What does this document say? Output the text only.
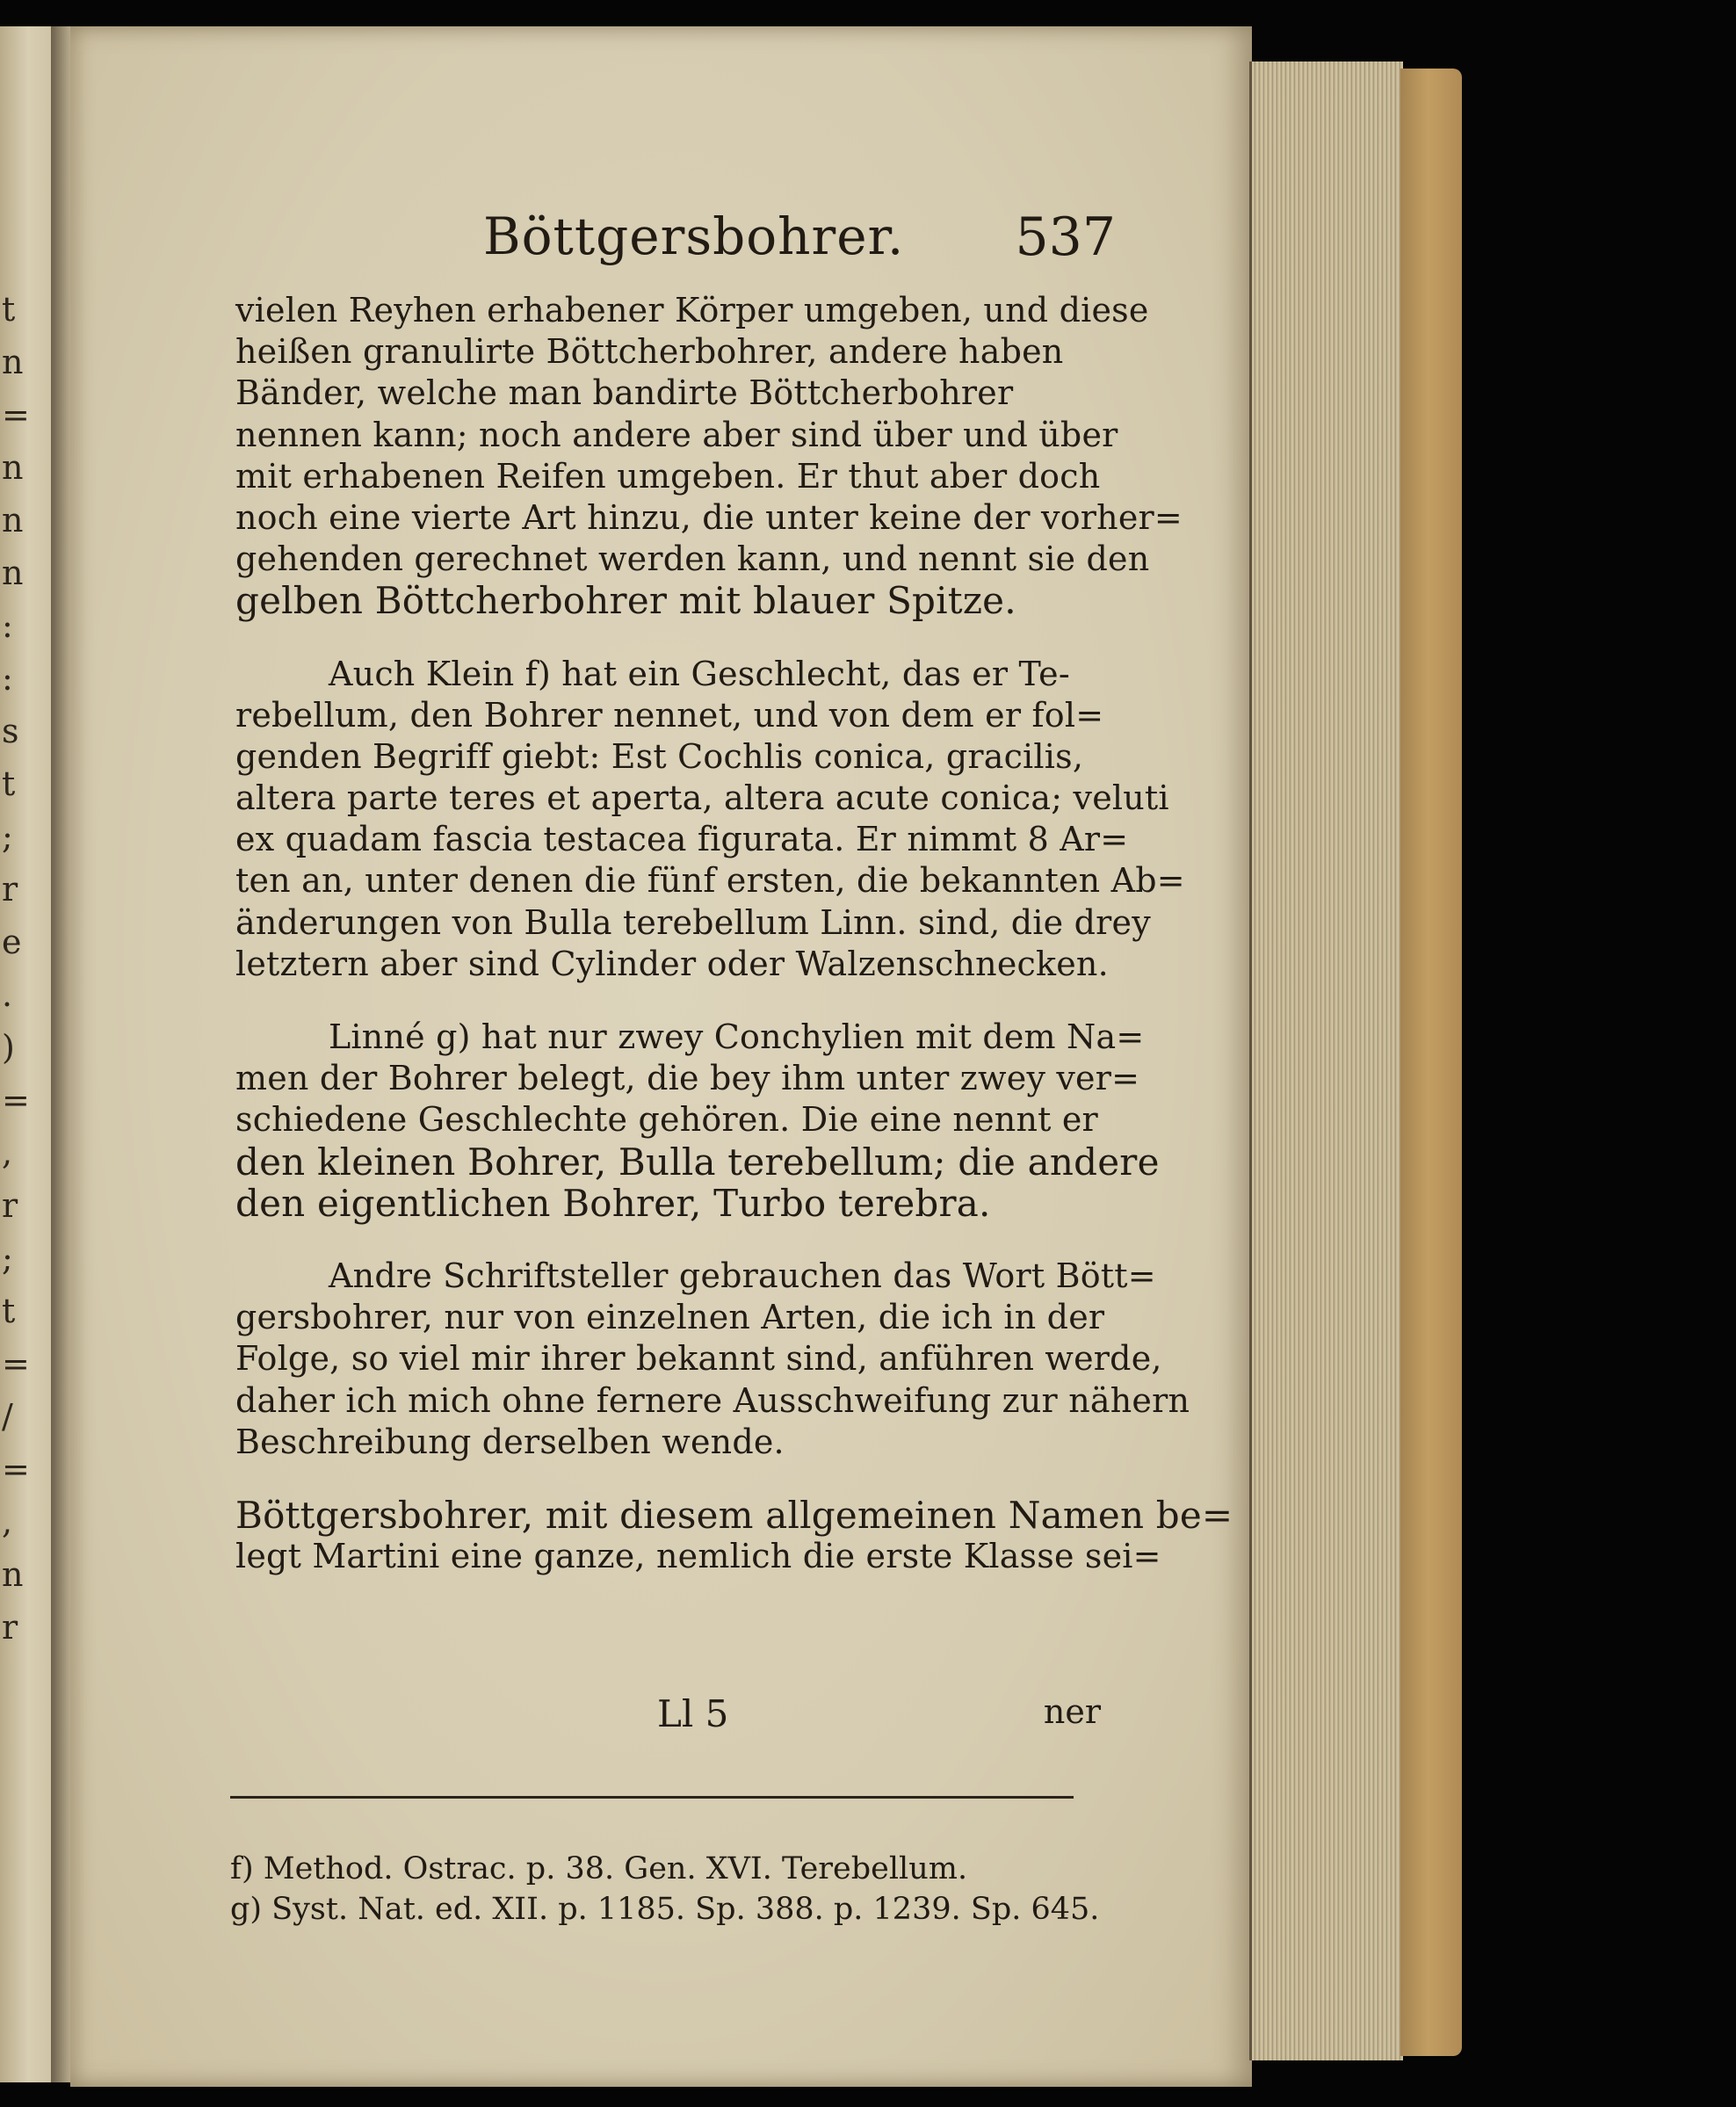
t
n
=
n
n
n
:
:
s
t
;
r
e
.
)
=
,
r
;
t
=
/
=
,
n
r
Böttgersbohrer. 537
vielen Reyhen erhabener Körper umgeben, und diese
heißen granulirte Böttcherbohrer, andere haben
Bänder, welche man bandirte Böttcherbohrer
nennen kann; noch andere aber sind über und über
mit erhabenen Reifen umgeben. Er thut aber doch
noch eine vierte Art hinzu, die unter keine der vorher=
gehenden gerechnet werden kann, und nennt sie den
gelben Böttcherbohrer mit blauer Spitze.
Auch Klein f) hat ein Geschlecht, das er Te-
rebellum, den Bohrer nennet, und von dem er fol=
genden Begriff giebt: Est Cochlis conica, gracilis,
altera parte teres et aperta, altera acute conica; veluti
ex quadam fascia testacea figurata. Er nimmt 8 Ar=
ten an, unter denen die fünf ersten, die bekannten Ab=
änderungen von Bulla terebellum Linn. sind, die drey
letztern aber sind Cylinder oder Walzenschnecken.
Linné g) hat nur zwey Conchylien mit dem Na=
men der Bohrer belegt, die bey ihm unter zwey ver=
schiedene Geschlechte gehören. Die eine nennt er
den kleinen Bohrer, Bulla terebellum; die andere
den eigentlichen Bohrer, Turbo terebra.
Andre Schriftsteller gebrauchen das Wort Bött=
gersbohrer, nur von einzelnen Arten, die ich in der
Folge, so viel mir ihrer bekannt sind, anführen werde,
daher ich mich ohne fernere Ausschweifung zur nähern
Beschreibung derselben wende.
Böttgersbohrer, mit diesem allgemeinen Namen be=
legt Martini eine ganze, nemlich die erste Klasse sei=
Ll 5	ner
f) Method. Ostrac. p. 38. Gen. XVI. Terebellum.
g) Syst. Nat. ed. XII. p. 1185. Sp. 388. p. 1239. Sp. 645.
